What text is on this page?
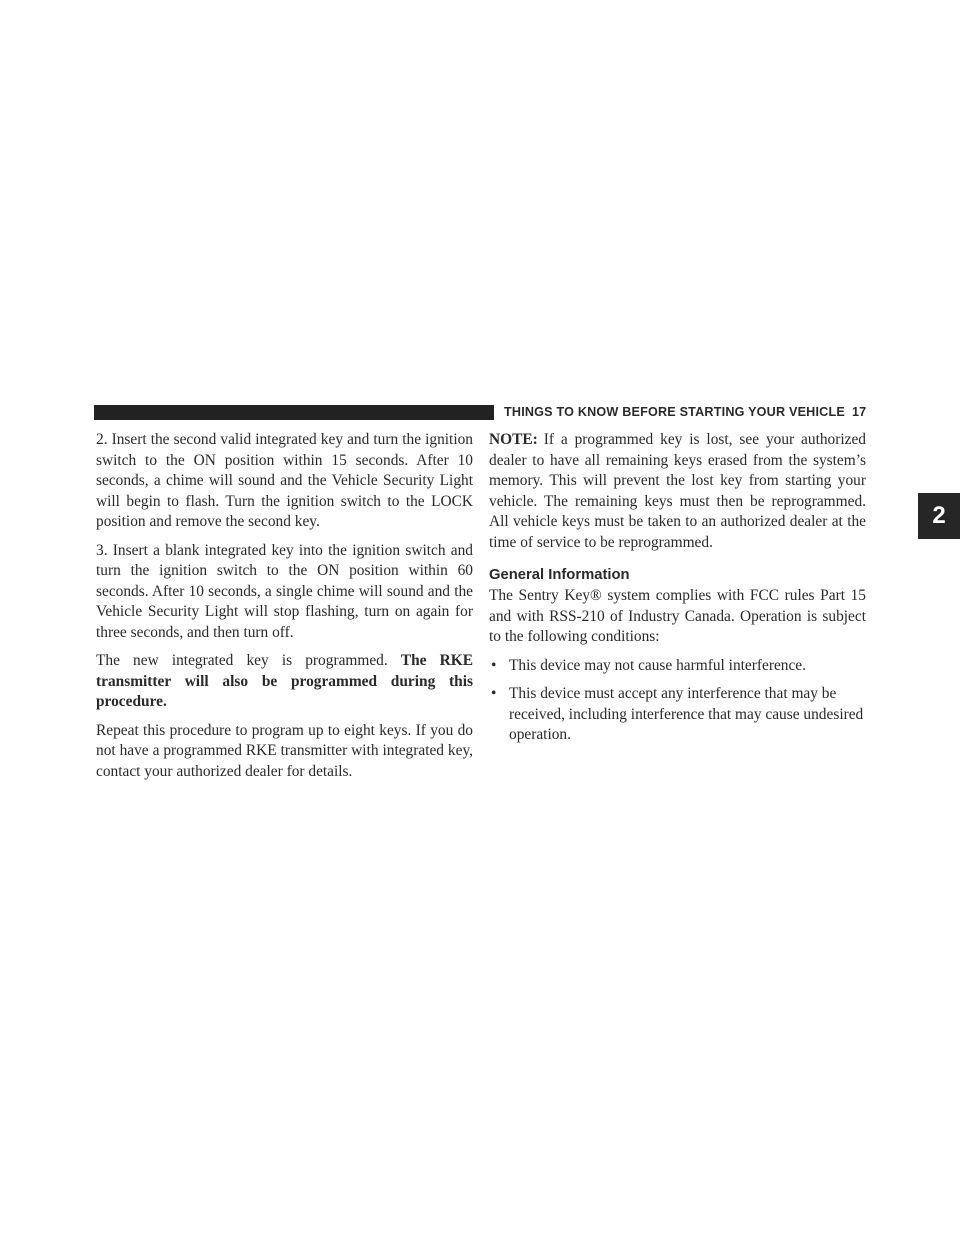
THINGS TO KNOW BEFORE STARTING YOUR VEHICLE 17
2

2. Insert the second valid integrated key and turn the ignition switch to the ON position within 15 seconds. After 10 seconds, a chime will sound and the Vehicle Security Light will begin to flash. Turn the ignition switch to the LOCK position and remove the second key.

3. Insert a blank integrated key into the ignition switch and turn the ignition switch to the ON position within 60 seconds. After 10 seconds, a single chime will sound and the Vehicle Security Light will stop flashing, turn on again for three seconds, and then turn off.

The new integrated key is programmed. The RKE transmitter will also be programmed during this procedure.

Repeat this procedure to program up to eight keys. If you do not have a programmed RKE transmitter with integrated key, contact your authorized dealer for details.

NOTE: If a programmed key is lost, see your authorized dealer to have all remaining keys erased from the system’s memory. This will prevent the lost key from starting your vehicle. The remaining keys must then be reprogrammed. All vehicle keys must be taken to an authorized dealer at the time of service to be reprogrammed.

General Information

The Sentry Key® system complies with FCC rules Part 15 and with RSS-210 of Industry Canada. Operation is subject to the following conditions:

• This device may not cause harmful interference.
• This device must accept any interference that may be received, including interference that may cause undesired operation.
